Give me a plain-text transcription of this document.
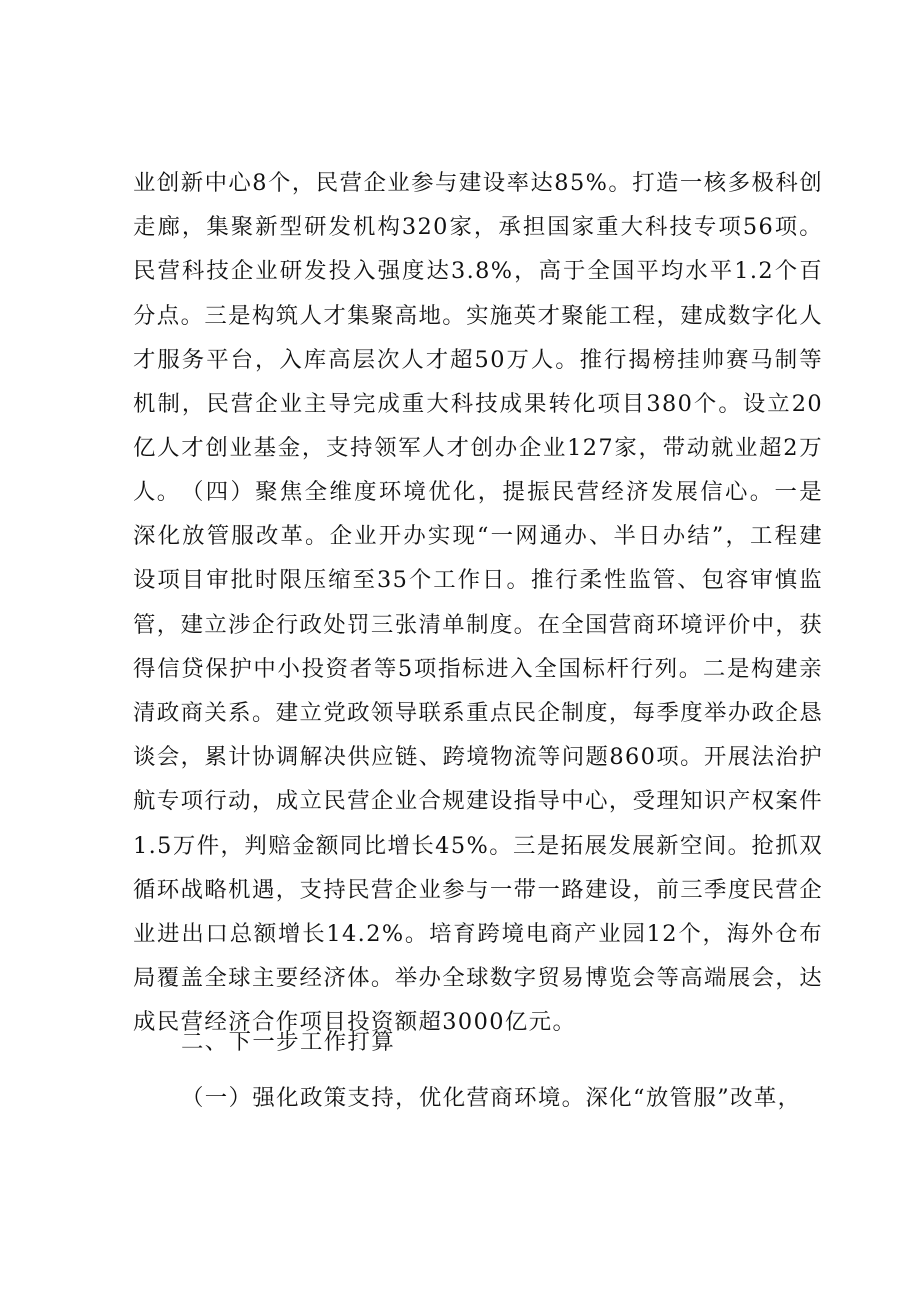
业创新中心8个，民营企业参与建设率达85%。打造一核多极科创走廊，集聚新型研发机构320家，承担国家重大科技专项56项。民营科技企业研发投入强度达3.8%，高于全国平均水平1.2个百分点。三是构筑人才集聚高地。实施英才聚能工程，建成数字化人才服务平台，入库高层次人才超50万人。推行揭榜挂帅赛马制等机制，民营企业主导完成重大科技成果转化项目380个。设立20亿人才创业基金，支持领军人才创办企业127家，带动就业超2万人。 （四）聚焦全维度环境优化，提振民营经济发展信心。一是深化放管服改革。企业开办实现“一网通办、半日办结”，工程建设项目审批时限压缩至35个工作日。推行柔性监管、包容审慎监管，建立涉企行政处罚三张清单制度。在全国营商环境评价中，获得信贷保护中小投资者等5项指标进入全国标杆行列。二是构建亲清政商关系。建立党政领导联系重点民企制度，每季度举办政企恳谈会，累计协调解决供应链、跨境物流等问题860项。开展法治护航专项行动，成立民营企业合规建设指导中心，受理知识产权案件1.5万件，判赔金额同比增长45%。三是拓展发展新空间。抢抓双循环战略机遇，支持民营企业参与一带一路建设，前三季度民营企业进出口总额增长14.2%。培育跨境电商产业园12个，海外仓布局覆盖全球主要经济体。举办全球数字贸易博览会等高端展会，达成民营经济合作项目投资额超3000亿元。

二、下一步工作打算

（一）强化政策支持，优化营商环境。深化“放管服”改革，
